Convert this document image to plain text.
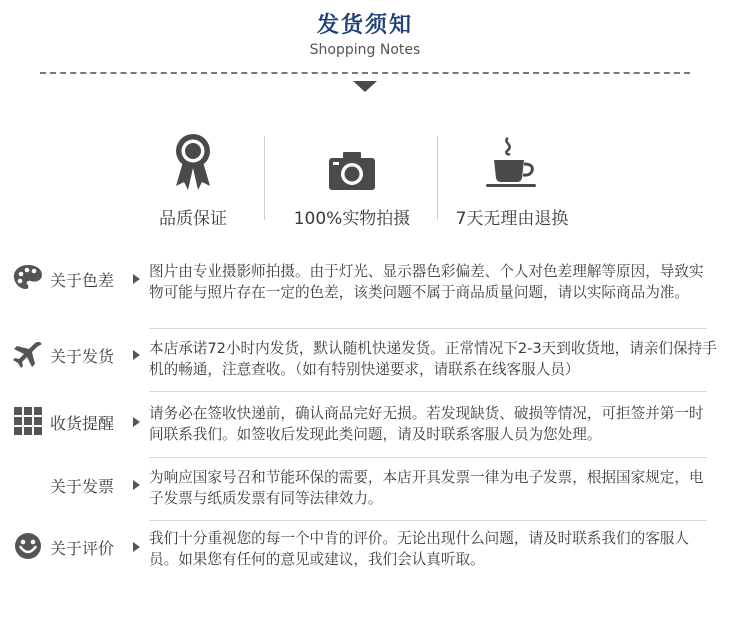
发货须知
Shopping Notes
品质保证	100%实物拍摄	7天无理由退换
关于色差 图片由专业摄影师拍摄。由于灯光、显示器色彩偏差、个人对色差理解等原因，导致实物可能与照片存在一定的色差，该类问题不属于商品质量问题，请以实际商品为准。
关于发货 本店承诺72小时内发货，默认随机快递发货。正常情况下2-3天到收货地，请亲们保持手机的畅通，注意查收。（如有特别快递要求，请联系在线客服人员）
收货提醒
请务必在签收快递前，确认商品完好无损。若发现缺货、破损等情况，可拒签并第一时间联系我们。如签收后发现此类问题，请及时联系客服人员为您处理。
关于发票 为响应国家号召和节能环保的需要，本店开具发票一律为电子发票，根据国家规定，电子发票与纸质发票有同等法律效力。
关于评价
我们十分重视您的每一个中肯的评价。无论出现什么问题，请及时联系我们的客服人员。如果您有任何的意见或建议，我们会认真听取。
